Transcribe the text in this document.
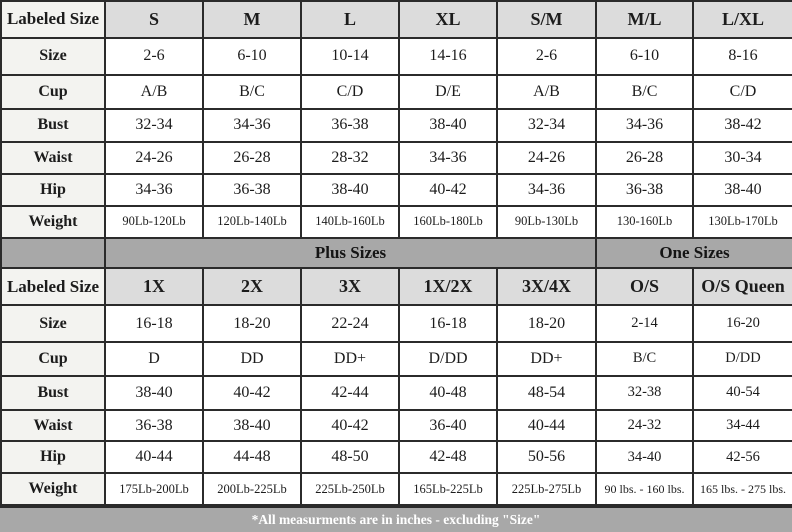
Labeled Size	S	M	L	XL	S/M	M/L	L/XL
Size	2-6	6-10	10-14	14-16	2-6	6-10	8-16
Cup	A/B	B/C	C/D	D/E	A/B	B/C	C/D
Bust	32-34	34-36	36-38	38-40	32-34	34-36	38-42
Waist	24-26	26-28	28-32	34-36	24-26	26-28	30-34
Hip	34-36	36-38	38-40	40-42	34-36	36-38	38-40
Weight	90Lb-120Lb	120Lb-140Lb	140Lb-160Lb	160Lb-180Lb	90Lb-130Lb	130-160Lb	130Lb-170Lb
	Plus Sizes					One Sizes	
Labeled Size	1X	2X	3X	1X/2X	3X/4X	O/S	O/S Queen
Size	16-18	18-20	22-24	16-18	18-20	2-14	16-20
Cup	D	DD	DD+	D/DD	DD+	B/C	D/DD
Bust	38-40	40-42	42-44	40-48	48-54	32-38	40-54
Waist	36-38	38-40	40-42	36-40	40-44	24-32	34-44
Hip	40-44	44-48	48-50	42-48	50-56	34-40	42-56
Weight	175Lb-200Lb	200Lb-225Lb	225Lb-250Lb	165Lb-225Lb	225Lb-275Lb	90 lbs. - 160 lbs.	165 lbs. - 275 lbs.
*All measurments are in inches - excluding "Size"
